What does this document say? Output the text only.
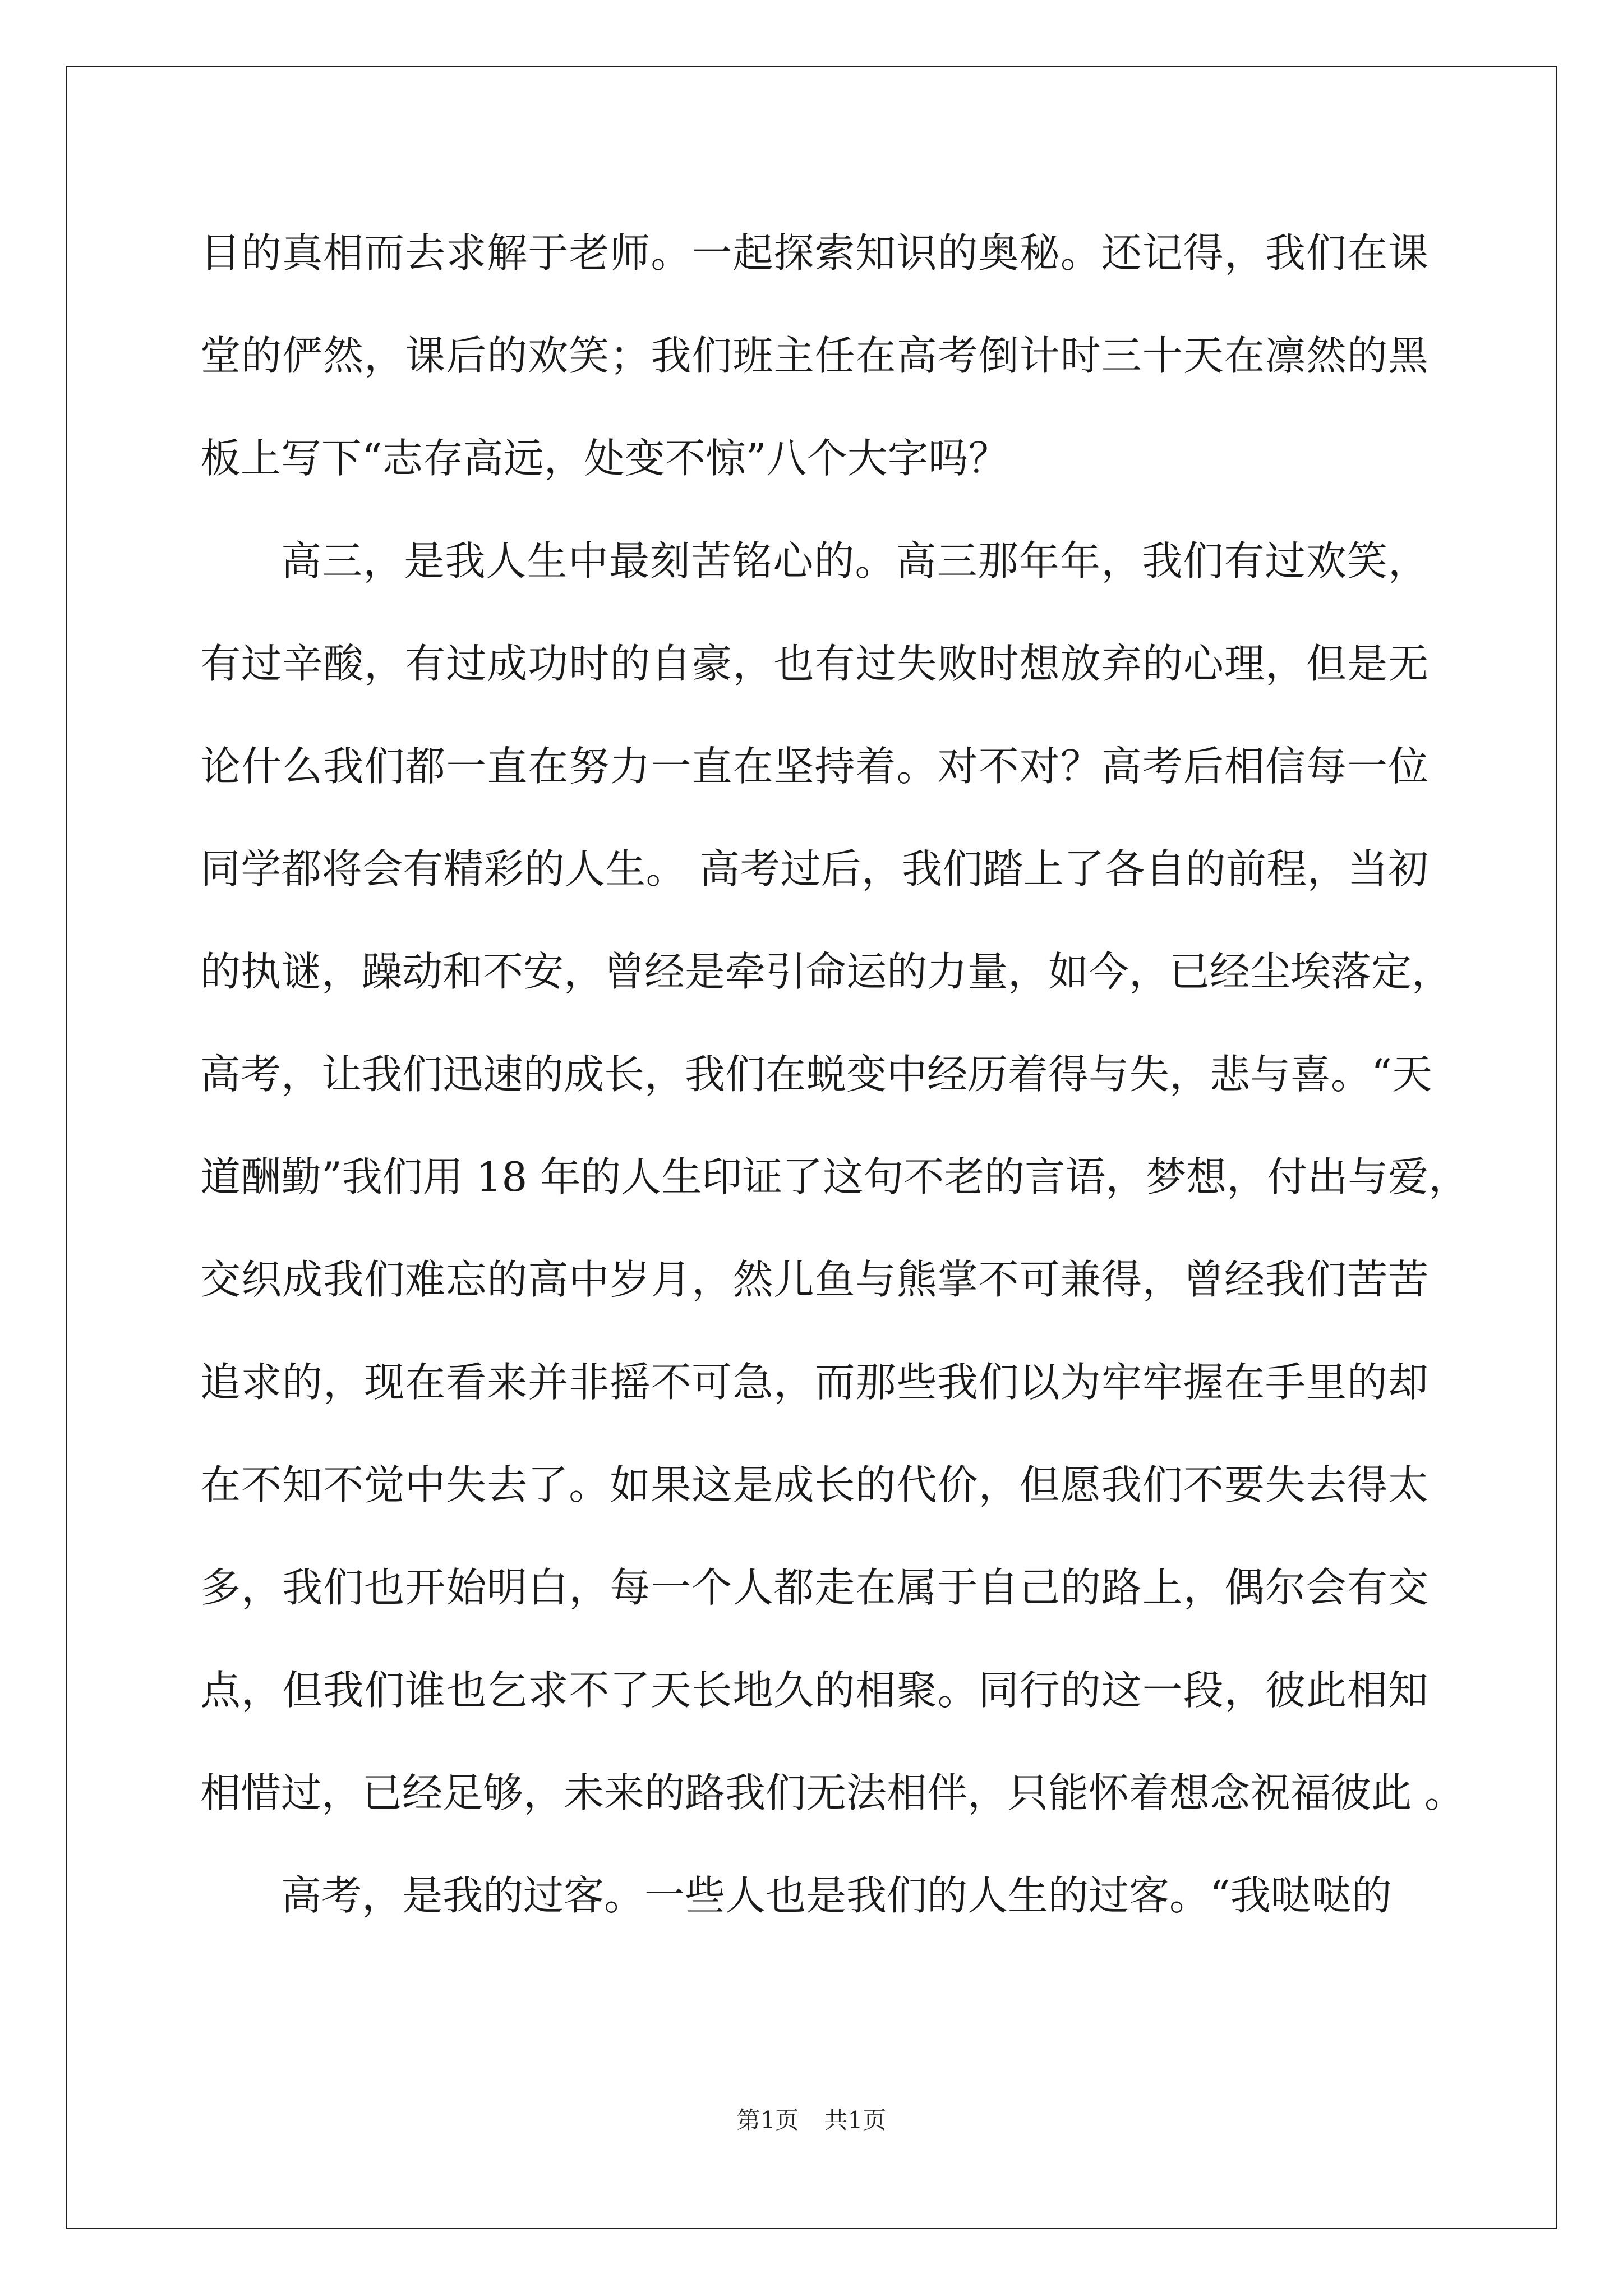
目的真相而去求解于老师。一起探索知识的奥秘。还记得，我们在课
堂的俨然，课后的欢笑；我们班主任在高考倒计时三十天在凛然的黑
板上写下“志存高远，处变不惊”八个大字吗？
高三，是我人生中最刻苦铭心的。高三那年年，我们有过欢笑，
有过辛酸，有过成功时的自豪，也有过失败时想放弃的心理，但是无
论什么我们都一直在努力一直在坚持着。对不对？高考后相信每一位
同学都将会有精彩的人生。 高考过后，我们踏上了各自的前程，当初
的执谜，躁动和不安，曾经是牵引命运的力量，如今，已经尘埃落定，
高考，让我们迅速的成长，我们在蜕变中经历着得与失，悲与喜。“天
道酬勤”我们用 18 年的人生印证了这句不老的言语，梦想，付出与爱，
交织成我们难忘的高中岁月，然儿鱼与熊掌不可兼得，曾经我们苦苦
追求的，现在看来并非摇不可急，而那些我们以为牢牢握在手里的却
在不知不觉中失去了。如果这是成长的代价，但愿我们不要失去得太
多，我们也开始明白，每一个人都走在属于自己的路上，偶尔会有交
点，但我们谁也乞求不了天长地久的相聚。同行的这一段，彼此相知
相惜过，已经足够，未来的路我们无法相伴，只能怀着想念祝福彼此 。
高考，是我的过客。一些人也是我们的人生的过客。“我哒哒的
第1页 共1页
